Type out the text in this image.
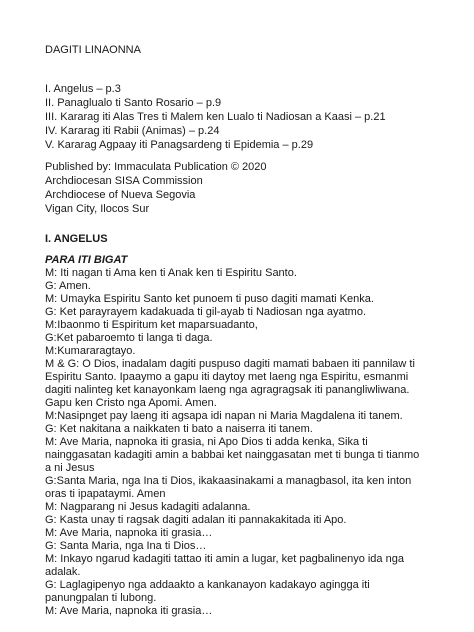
DAGITI LINAONNA

I. Angelus – p.3

II. Panaglualo ti Santo Rosario – p.9

III. Kararag iti Alas Tres ti Malem ken Lualo ti Nadiosan a Kaasi – p.21

IV. Kararag iti Rabii (Animas) – p.24

V. Kararag Agpaay iti Panagsardeng ti Epidemia – p.29

Published by: Immaculata Publication © 2020

Archdiocesan SISA Commission

Archdiocese of Nueva Segovia

Vigan City, Ilocos Sur

I. ANGELUS

PARA ITI BIGAT

M: Iti nagan ti Ama ken ti Anak ken ti Espiritu Santo.

G: Amen.

M: Umayka Espiritu Santo ket punoem ti puso dagiti mamati Kenka.

G: Ket parayrayem kadakuada ti gil-ayab ti Nadiosan nga ayatmo.

M:Ibaonmo ti Espiritum ket maparsuadanto,

G:Ket pabaroemto ti langa ti daga.

M:Kumararagtayo.

M & G: O Dios, inadalam dagiti puspuso dagiti mamati babaen iti pannilaw ti

Espiritu Santo. Ipaaymo a gapu iti daytoy met laeng nga Espiritu, esmanmi

dagiti nalinteg ket kanayonkam laeng nga agragragsak iti panangliwliwana.

Gapu ken Cristo nga Apomi. Amen.

M:Nasipnget pay laeng iti agsapa idi napan ni Maria Magdalena iti tanem.

G: Ket nakitana a naikkaten ti bato a naiserra iti tanem.

M: Ave Maria, napnoka iti grasia, ni Apo Dios ti adda kenka, Sika ti

nainggasatan kadagiti amin a babbai ket nainggasatan met ti bunga ti tianmo

a ni Jesus

G:Santa Maria, nga Ina ti Dios, ikakaasinakami a managbasol, ita ken inton

oras ti ipapataymi. Amen

M: Nagparang ni Jesus kadagiti adalanna.

G: Kasta unay ti ragsak dagiti adalan iti pannakakitada iti Apo.

M: Ave Maria, napnoka iti grasia…

G: Santa Maria, nga Ina ti Dios…

M: Inkayo ngarud kadagiti tattao iti amin a lugar, ket pagbalinenyo ida nga

adalak.

G: Laglagipenyo nga addaakto a kankanayon kadakayo agingga iti

panungpalan ti lubong.

M: Ave Maria, napnoka iti grasia…
